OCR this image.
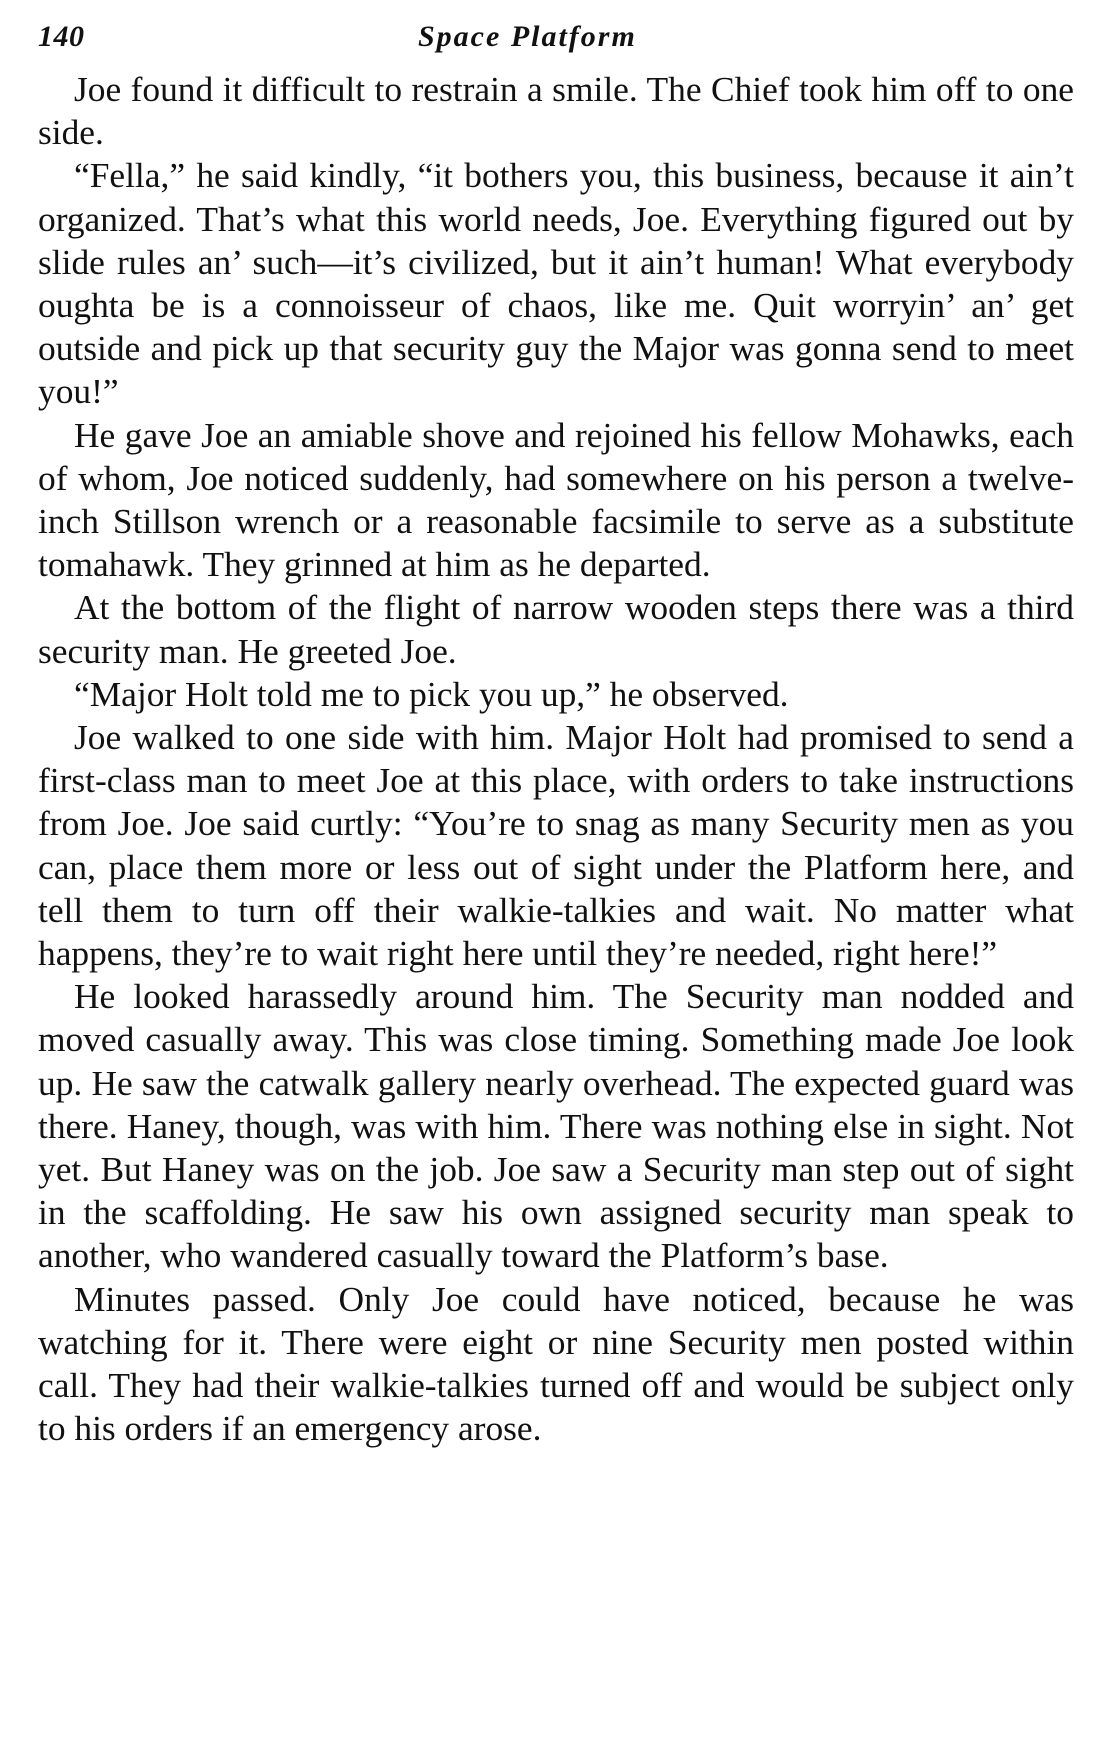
140	Space Platform

Joe found it difficult to restrain a smile. The Chief took him off to one side.

“Fella,” he said kindly, “it bothers you, this business, because it ain’t organized. That’s what this world needs, Joe. Everything figured out by slide rules an’ such—it’s civilized, but it ain’t human! What everybody oughta be is a connoisseur of chaos, like me. Quit worryin’ an’ get outside and pick up that security guy the Major was gonna send to meet you!”

He gave Joe an amiable shove and rejoined his fellow Mohawks, each of whom, Joe noticed suddenly, had somewhere on his person a twelve-inch Stillson wrench or a reasonable facsimile to serve as a substitute tomahawk. They grinned at him as he departed.

At the bottom of the flight of narrow wooden steps there was a third security man. He greeted Joe.

“Major Holt told me to pick you up,” he observed.

Joe walked to one side with him. Major Holt had promised to send a first-class man to meet Joe at this place, with orders to take instructions from Joe. Joe said curtly: “You’re to snag as many Security men as you can, place them more or less out of sight under the Platform here, and tell them to turn off their walkie-talkies and wait. No matter what happens, they’re to wait right here until they’re needed, right here!”

He looked harassedly around him. The Security man nodded and moved casually away. This was close timing. Something made Joe look up. He saw the catwalk gallery nearly overhead. The expected guard was there. Haney, though, was with him. There was nothing else in sight. Not yet. But Haney was on the job. Joe saw a Security man step out of sight in the scaffolding. He saw his own assigned security man speak to another, who wandered casually toward the Platform’s base.

Minutes passed. Only Joe could have noticed, because he was watching for it. There were eight or nine Security men posted within call. They had their walkie-talkies turned off and would be subject only to his orders if an emergency arose.
